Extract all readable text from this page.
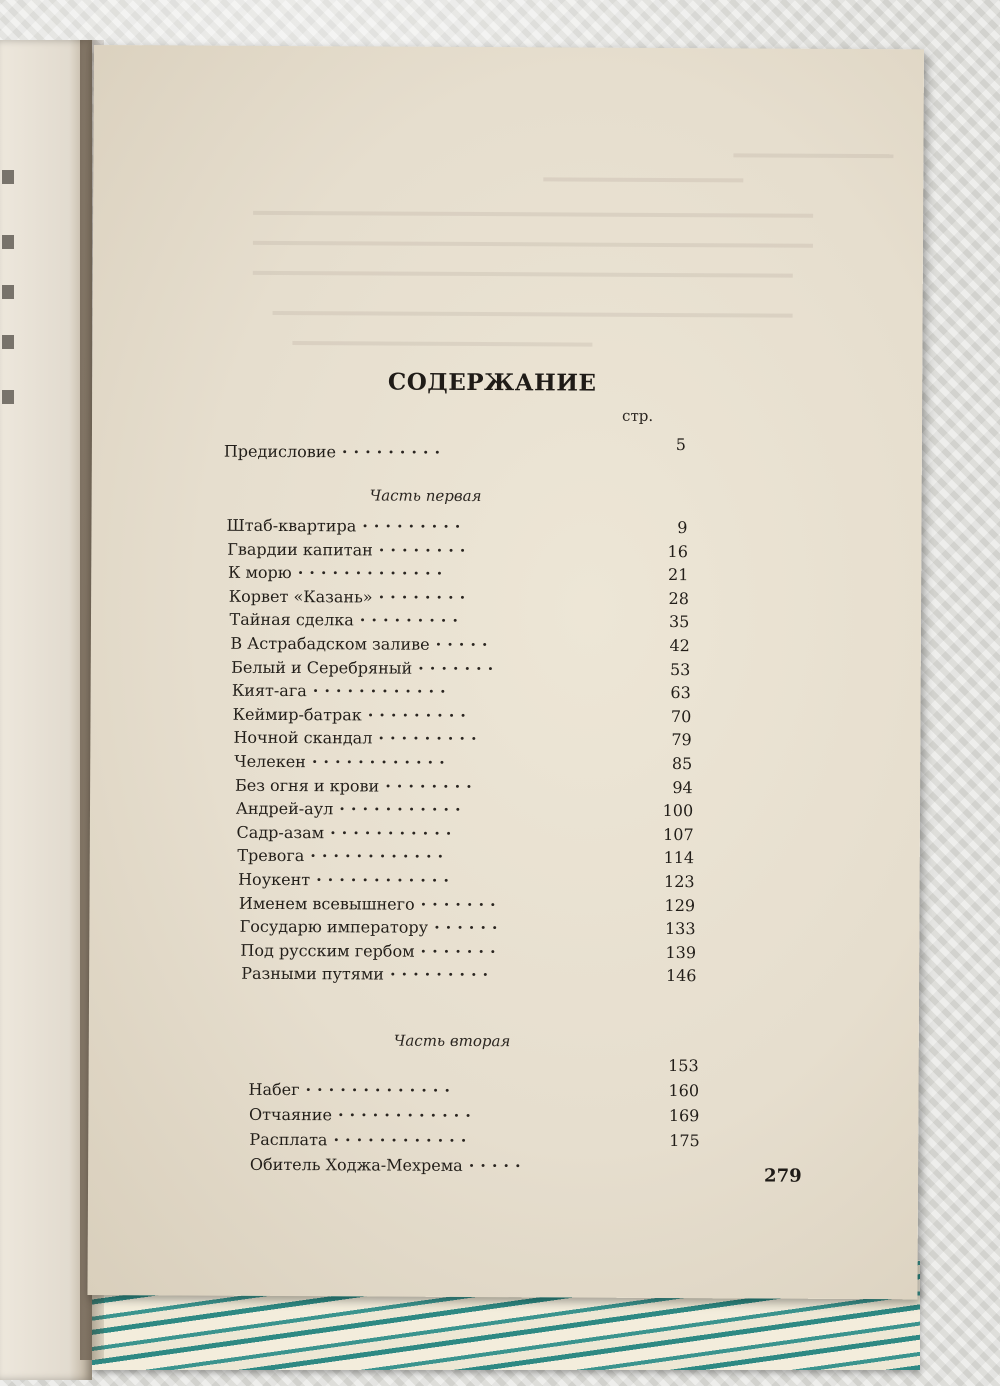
СОДЕРЖАНИЕ
стр.
Предисловие ·········	5
Часть первая
Штаб-квартира ·········
Гвардии капитан ········
К морю ·············
Корвет «Казань» ········
Тайная сделка ·········
В Астрабадском заливе ·····
Белый и Серебряный ·······
Кият-ага ············
Кеймир-батрак ·········
Ночной скандал ·········
Челекен ············
Без огня и крови ········
Андрей-аул ···········
Садр-азам ···········
Тревога ············
Ноукент ············
Именем всевышнего ·······
Государю императору ······
Под русским гербом ·······
Разными путями ·········
9
16
21
28
35
42
53
63
70
79
85
94
100
107
114
123
129
133
139
146
Часть вторая
Набег ·············
Отчаяние ············
Расплата ············
Обитель Ходжа-Мехрема ·····
153
160
169
175
279
